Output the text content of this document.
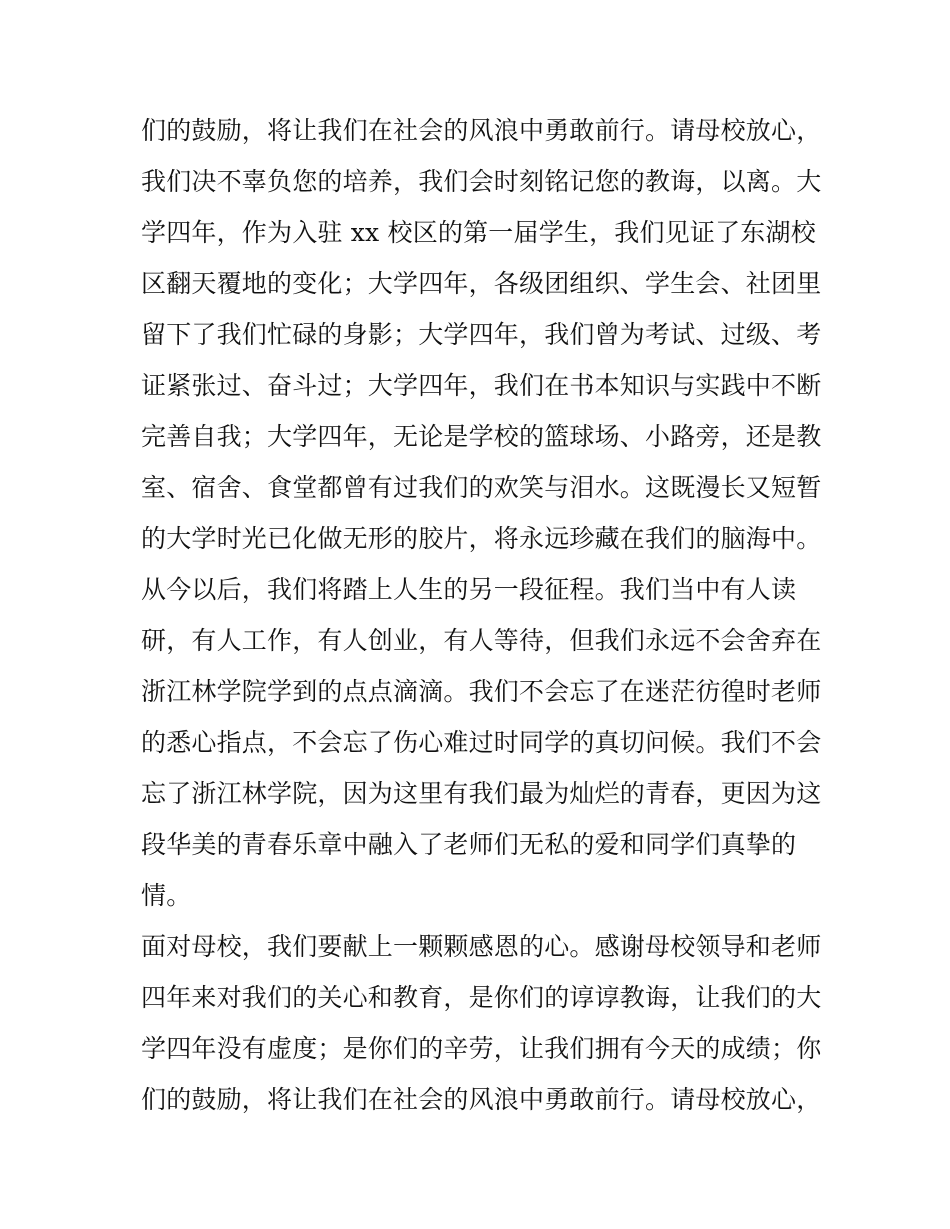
们的鼓励，将让我们在社会的风浪中勇敢前行。请母校放心，
我们决不辜负您的培养，我们会时刻铭记您的教诲，以离。大
学四年，作为入驻 xx 校区的第一届学生，我们见证了东湖校
区翻天覆地的变化；大学四年，各级团组织、学生会、社团里
留下了我们忙碌的身影；大学四年，我们曾为考试、过级、考
证紧张过、奋斗过；大学四年，我们在书本知识与实践中不断
完善自我；大学四年，无论是学校的篮球场、小路旁，还是教
室、宿舍、食堂都曾有过我们的欢笑与泪水。这既漫长又短暂
的大学时光已化做无形的胶片，将永远珍藏在我们的脑海中。
从今以后，我们将踏上人生的另一段征程。我们当中有人读
研，有人工作，有人创业，有人等待，但我们永远不会舍弃在
浙江林学院学到的点点滴滴。我们不会忘了在迷茫彷徨时老师
的悉心指点，不会忘了伤心难过时同学的真切问候。我们不会
忘了浙江林学院，因为这里有我们最为灿烂的青春，更因为这
段华美的青春乐章中融入了老师们无私的爱和同学们真挚的
情。
面对母校，我们要献上一颗颗感恩的心。感谢母校领导和老师
四年来对我们的关心和教育，是你们的谆谆教诲，让我们的大
学四年没有虚度；是你们的辛劳，让我们拥有今天的成绩；你
们的鼓励，将让我们在社会的风浪中勇敢前行。请母校放心，
